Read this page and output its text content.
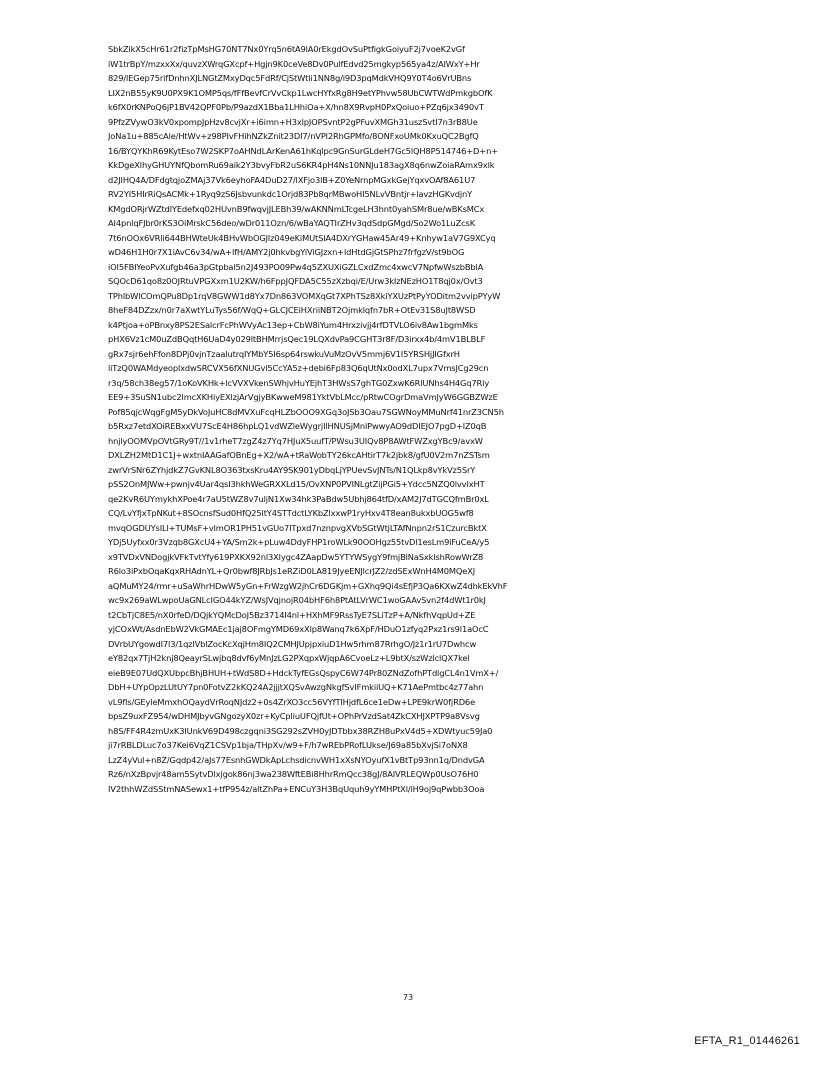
SbkZikX5cHr61r2fizTpMsHG70NT7Nx0Yrq5n6tA9lA0rEkgdOvSuPtfigkGoiyuF2j7voeK2vGf
iW1trBpY/mzxxXx/quvzXWrqGXcpf+Hgjn9K0ceVe8Dv0PulfEdvd25mgkyp565ya4z/AIWxY+Hr
829/lEGep75rifDnhnXJLNGtZMxyDqc5FdRf/CjStWtli1NN8g/i9D3pqMdkVHQ9Y0T4o6VrUBns
LIX2nB55yK9U0PX9K1OMP5qs/fFfBevfCrVvCkp1LwcHYfxRg8H9etYPhvw58UbCWTWdPmkgbOfK
k6fX0rKNPoQ6jP1BV42QPF0Pb/P9azdX1Bba1LHhiOa+X/hn8X9RvpH0PxQoiuo+PZq6jx3490vT
9PfzZVywO3kV0xpompJpHzv8cvjXr+i6imn+H3xlpJOPSvntP2gPFuvXMGh31uszSvtI7n3rB8Ue
JoNa1u+885cAle/HtWv+z98PIvFHihNZkZnit23DI7/nVPl2RhGPMfo/8ONFxoUMk0KxuQC2BgfQ
16/BYQYKhR69KytEso7W2SKP7oAHNdLArKenA61hKqlpc9GnSurGLdeH7Gc5lQH8P514746+D+n+
KkDgeXlhyGHUYNfQbomRu69aik2Y3bvyFbR2uS6KR4pH4Ns10NNJu183agX8q6nwZoiaRAmx9xlk
d2JIHQ4A/DFdgtqjoZMAj37Vk6eyhoFA4DuD27/lXFjo3lB+Z0YeNrnpMGxkGejYqxvOAf8A61U7
RV2YI5HIrRiQsACMk+1Ryq9zS6Jsbvunkdc1Orjd83Pb8qrMBwoHI5NLvVBntjr+lavzHGKvdjnY
KMgdORjrWZtdlYEdefxq02HUvnB9fwqvjJLEBh39/wAKNNmLTcgeLH3hnt0yahSMr8ue/wBKsMCx
AI4pnlqFJbr0rKS3OiMrskC56deo/wDr011Ozn/6/wBaYAQTIrZHv3qdSdpGMgd/So2Wo1LuZcsK
7t6nOOx6VRli644BHWteUk4BHvWbOGJlz049eKiMUtSlA4DXrYGHaw45Ar49+Knhyw1aV7G9XCyq
wD46H1H0r7X1iAvC6v34/wA+lfH/AMY2j0hkvbgYiViGJzxn+ldHtdGjGtSPhz7frfgzV/st9bOG
iOI5FBIYeoPvXufgb46a3pGtpbal5n2J493PO09Pw4q5ZXUXiGZLCxdZmc4xwcV7NpfwWszbBblA
SQOcD61qo8z0OJRtuVPGXxm1U2KW/h6FppJQFDA5C55zXzbqi/E/Urw3kIzNEzHO1T8qj0x/Ovt3
TPhlbWlCOmQPu8Dp1rqV8GWW1d8Yx7Dn863VOMXqGt7XPhTSz8XkiYXUzPtPyYODitm2vvipPYyW
8heF84DZzx/n0r7aXwtYLuTys56f/WqQ+GLCJCEiHXriiNBT2Ojmklqfn7bR+OtEv31S8uJt8WSD
k4Ptjoa+oPBnxy8PS2ESalcrFcPhWVyAc13ep+CbW8iYum4Hrxzivjj4rfDTVLO6iv8Aw1bgmMks
pHX6Vz1cM0uZdBQqtH6UaD4y029ltBHMrrjsQec19LQXdvPa9CGHT3r8F/D3irxx4b/4mV1BLBLF
gRx7sjr6ehFfon8DPj0vjnTzaalutrqIYMbY5I6sp64rswkuVuMzOvV5mmj6V1I5YRSHjJIGfxrH
liTzQ0WAMdyeoplxdwSRCVX56fXNUGvl5CcYA5z+debi6Fp83Q6qUtNx0odXL7upx7VmsJCg29cn
r3q/58ch38eg57/1oKoVKHk+lcVVXVkenSWhjvHuYEjhT3HWsS7ghTG0ZxwK6RlUNhs4H4Gq7Rly
EE9+3SuSN1ubc2lmcXKHiyEXlzjArVgjyBKwweM981YktVbLMcc/pRtwCOgrDmaVmJyW6GGBZWzE
Pof85qjcWqgFgM5yDkVoJuHC8dMVXuFcqHLZbOOO9XGq3oJSb3Oau7SGWNoyMMuNrf41nrZ3CN5h
b5Rxz7etdXOiREBxxVU7ScE4H86hpLQ1vdWZleWygrjIlHNUSjMnlPwwyAO9dDIEJO7pgD+lZ0qB
hnjlyOOMVpOVtGRy9T//1v1rheT7zgZ4z7Yq7HJuX5uufT/PWsu3UIQv8P8AWtFWZxgYBc9/avxW
DXLZH2MtD1C1J+wxtnIAAGafOBnEg+X2/wA+tRaWobTY26kcAHtirT7k2jbk8/gfU0V2m7nZSTsm
zwrVrSNr6ZYhjdkZ7GvKNL8O363txsKru4AY9SK901yDbqLjYPUevSvJNTs/N1QLkp8vYkVz5SrY
pSS2OnMJWw+pwnjv4Uar4qsI3hkhWeGRXXLd15/OvXNP0PVINLgtZijPGi5+Ydcc5NZQ0lvvIxHT
qe2KvR6UYmykhXPoe4r7aU5tWZ8v7uljN1Xw34hk3PaBdw5Ubhj864tfD/xAM2J7dTGCQfmBr0xL
CQ/LvYfjxTpNKut+8SOcnsfSud0HfQ25ltY4STTdctLYKbZlxxwP1ryHxv4T8ean8ukxbUOG5wf8
mvqOGDUYsILl+TUMsF+vlmOR1PH51vGUo7ITpxd7nznpvgXVbSGtWtjLTAfNnpn2rS1CzurcBktX
YDj5Uyfxx0r3Vzqb8GXcU4+YA/Sm2k+pLuw4DdyFHP1roWLk90OOHgz55tvDl1esLm9iFuCeA/y5
x9TVDxVNDogjkVFkTvtYfy619PXKX92nl3Xlygc4ZAapDw5YTYWSygY9fmjBlNaSxklshRowWrZ8
R6lo3iPxbOqaKqxRHAdnYL+Qr0bwf8JRbJs1eRZiD0LA819JyeENJlcrJZ2/zdSExWnH4M0MQeXJ
aQMuMY24/rmr+uSaWhrHDwW5yGn+FrWzgW2jhCr6DGKjm+GXhq9Qi4sEfjP3Qa6KXwZ4dhkEkVhF
wc9x269aWLwpoUaGNLcIGO44kYZ/WsJVqjnojR04bHF6h8PtAtLVrWC1woGAAvSvn2f4dWt1r0kJ
t2CbTjC8E5/nX0rfeD/DQjkYQMcDoJ5Bz3714I4nl+HXhMF9RssTyE7SLiTzP+A/NkfhVqpUd+ZE
yjCOxWt/AsdnEbW2VkGMAEc1jaj8OFmgYMD69xXlp8Wanq7k6XpF/HDuO1zfyq2Pxz1rs9l1aOcC
DVrbUYgowdI7l3/1qzlVblZocKcXqjHm8IQ2CMHJUpjpxiuD1Hw5rhm87RrhgO/Jz1r1rU7Dwhcw
eY82qx7TjH2knj8QeayrSLwjbq8dvf6yMnJzLG2PXqpxWjqpA6CvoeLz+L9btX/szWzlclQX7kel
eieB9E07UdQXUbpcBhjBHUH+tWdS8D+HdckTyfEGsQspyC6W74Pr80ZNdZofhPTdlgCL4n1VmX+/
DbH+UYpOpzLUtUY7pn0FotvZ2kKQ24A2jjjtXQSvAwzgNkgfSvIFmkiiUQ+K71AePmtbc4z77ahn
vL9fls/GEyleMmxhOQaydVrRoqNJdz2+0s4ZrXO3cc56VYfTIHjdfL6ce1eDw+LPE9krW0fjRD6e
bpsZ9uxFZ954/wDHMJbyvGNgozyX0zr+KyCpliuUFQjfUt+OPhPrVzdSat4ZkCXHJXPTP9a8Vsvg
h8S/FF4R4zmUxK3IUnkV69D498czgqni3SG292sZVH0yJDTbbx38RZH8uPxV4d5+XDWtyuc59Ja0
ji7rRBLDLuc7o37Kei6VqZ1CSVp1bja/THpXv/w9+F/h7wREbPRofLUkse/J69a85bXvjSi7oNX8
LzZ4yVul+n8Z/Gqdp42/aJs77EsnhGWDkApLchsdicnvWH1xXsNYOyufX1vBtTp93nn1q/DndvGA
Rz6/nXzBpvjr48am5SytvDlxjgok86nj3wa238WftEBi8HhrRmQcc38gJ/8AIVRLEQWp0UsO76H0
IV2thhWZdSStmNASewx1+tfP954z/altZhPa+ENCuY3H3BqUquh9yYMHPtXl/iH9oj9qPwbb3Ooa
73
EFTA_R1_01446261
